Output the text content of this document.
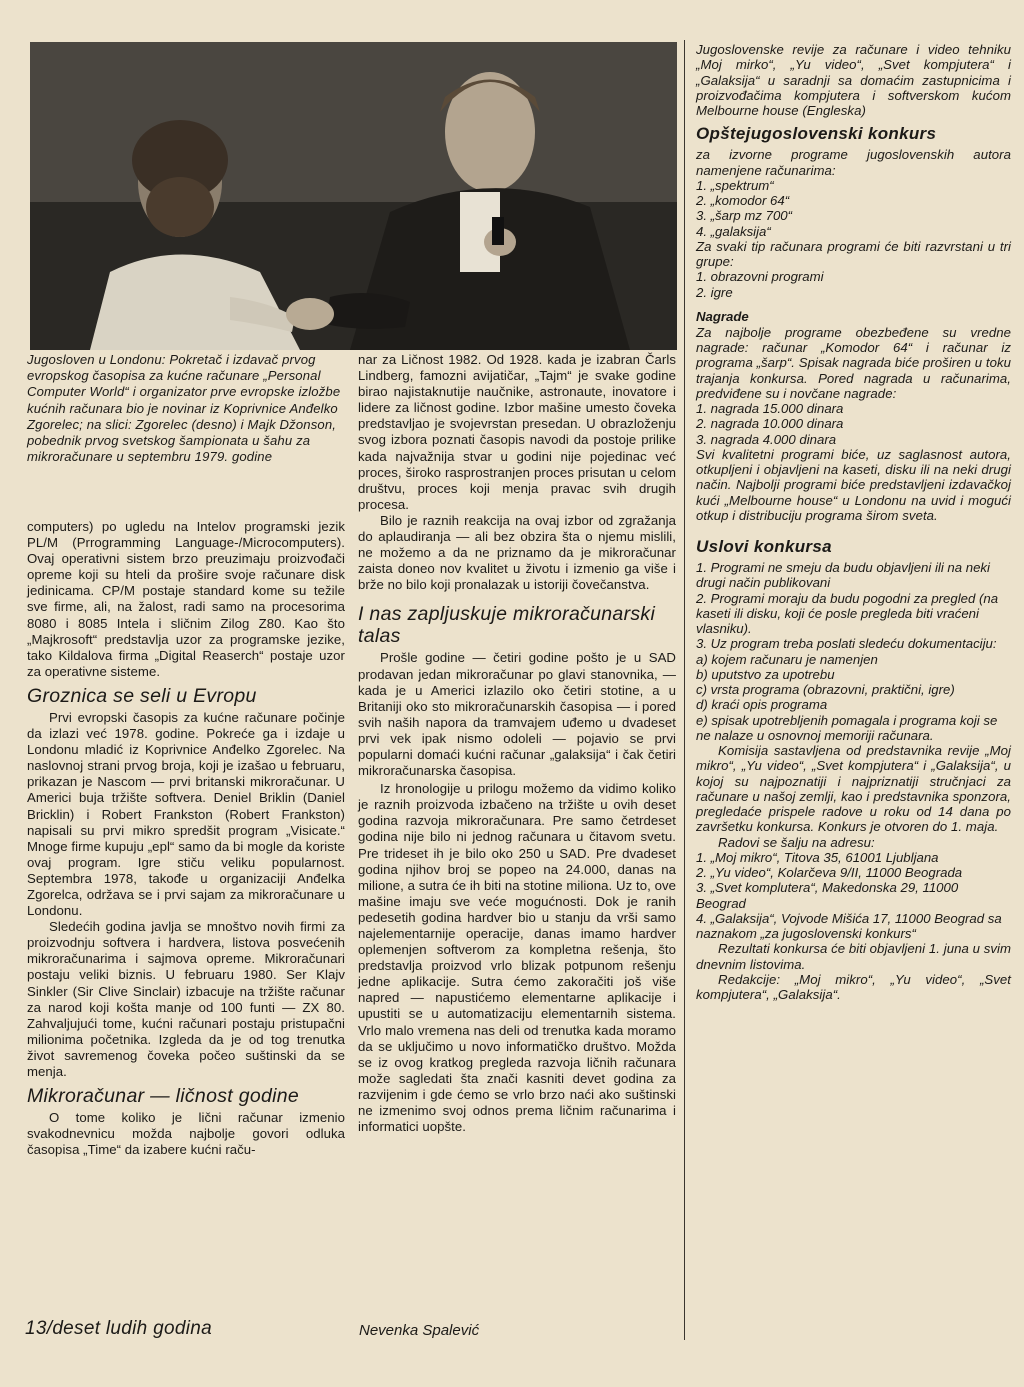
Jugosloven u Londonu: Pokretač i izdavač prvog evropskog časopisa za kućne računare „Personal Computer World“ i organizator prve evropske izložbe kućnih računara bio je novinar iz Koprivnice Anđelko Zgorelec; na slici: Zgorelec (desno) i Majk Džonson, pobednik prvog svetskog šampionata u šahu za mikroračunare u septembru 1979. godine

computers) po ugledu na Intelov programski jezik PL/M (Prrogramming Language-/Microcomputers). Ovaj operativni sistem brzo preuzimaju proizvođači opreme koji su hteli da prošire svoje računare disk jedinicama. CP/M postaje standard kome su težile sve firme, ali, na žalost, radi samo na procesorima 8080 i 8085 Intela i sličnim Zilog Z80. Kao što „Majkrosoft“ predstavlja uzor za programske jezike, tako Kildalova firma „Digital Reaserch“ postaje uzor za operativne sisteme.

Groznica se seli u Evropu

Prvi evropski časopis za kućne računare počinje da izlazi već 1978. godine. Pokreće ga i izdaje u Londonu mladić iz Koprivnice Anđelko Zgorelec. Na naslovnoj strani prvog broja, koji je izašao u februaru, prikazan je Nascom — prvi britanski mikroračunar. U Americi buja tržište softvera. Deniel Briklin (Daniel Bricklin) i Robert Frankston (Robert Frankston) napisali su prvi mikro spredšit program „Visicate.“ Mnoge firme kupuju „epl“ samo da bi mogle da koriste ovaj program. Igre stiču veliku popularnost. Septembra 1978, takođe u organizaciji Anđelka Zgorelca, održava se i prvi sajam za mikroračunare u Londonu.

Sledećih godina javlja se mnoštvo novih firmi za proizvodnju softvera i hardvera, listova posvećenih mikroračunarima i sajmova opreme. Mikroračunari postaju veliki biznis. U februaru 1980. Ser Klajv Sinkler (Sir Clive Sinclair) izbacuje na tržište računar za narod koji košta manje od 100 funti — ZX 80. Zahvaljujući tome, kućni računari postaju pristupačni milionima početnika. Izgleda da je od tog trenutka život savremenog čoveka počeo suštinski da se menja.

Mikroračunar — ličnost godine

O tome koliko je lični računar izmenio svakodnevnicu možda najbolje govori odluka časopisa „Time“ da izabere kućni raču-

nar za Ličnost 1982. Od 1928. kada je izabran Čarls Lindberg, famozni avijatičar, „Tajm“ je svake godine birao najistaknutije naučnike, astronaute, inovatore i lidere za ličnost godine. Izbor mašine umesto čoveka predstavljao je svojevrstan presedan. U obrazloženju svog izbora poznati časopis navodi da postoje prilike kada najvažnija stvar u godini nije pojedinac već proces, široko rasprostranjen proces prisutan u celom društvu, proces koji menja pravac svih drugih procesa.

Bilo je raznih reakcija na ovaj izbor od zgražanja do aplaudiranja — ali bez obzira šta o njemu mislili, ne možemo a da ne priznamo da je mikroračunar zaista doneo nov kvalitet u životu i izmenio ga više i brže no bilo koji pronalazak u istoriji čovečanstva.

I nas zapljuskuje mikroračunarski talas

Prošle godine — četiri godine pošto je u SAD prodavan jedan mikroračunar po glavi stanovnika, — kada je u Americi izlazilo oko četiri stotine, a u Britaniji oko sto mikroračunarskih časopisa — i pored svih naših napora da tramvajem uđemo u dvadeset prvi vek ipak nismo odoleli — pojavio se prvi popularni domaći kućni računar „galaksija“ i čak četiri mikroračunarska časopisa.

Iz hronologije u prilogu možemo da vidimo koliko je raznih proizvoda izbačeno na tržište u ovih deset godina razvoja mikroračunara. Pre samo četrdeset godina nije bilo ni jednog računara u čitavom svetu. Pre trideset ih je bilo oko 250 u SAD. Pre dvadeset godina njihov broj se popeo na 24.000, danas na milione, a sutra će ih biti na stotine miliona. Uz to, ove mašine imaju sve veće mogućnosti. Dok je ranih pedesetih godina hardver bio u stanju da vrši samo najelementarnije operacije, danas imamo hardver oplemenjen softverom za kompletna rešenja, što predstavlja proizvod vrlo blizak potpunom rešenju jedne aplikacije. Sutra ćemo zakoračiti još više napred — napustićemo elementarne aplikacije i upustiti se u automatizaciju elementarnih sistema. Vrlo malo vremena nas deli od trenutka kada moramo da se uključimo u novo informatičko društvo. Možda se iz ovog kratkog pregleda razvoja ličnih računara može sagledati šta znači kasniti devet godina za razvijenim i gde ćemo se vrlo brzo naći ako suštinski ne izmenimo svoj odnos prema ličnim računarima i informatici uopšte.

Jugoslovenske revije za računare i video tehniku „Moj mirko“, „Yu video“, „Svet kompjutera“ i „Galaksija“ u saradnji sa domaćim zastupnicima i proizvođačima kompjutera i softverskom kućom Melbourne house (Engleska)

Opštejugoslovenski konkurs

za izvorne programe jugoslovenskih autora namenjene računarima:

1. „spektrum“
2. „komodor 64“
3. „šarp mz 700“
4. „galaksija“

Za svaki tip računara programi će biti razvrstani u tri grupe:

1. obrazovni programi
2. igre
Nagrade

Za najbolje programe obezbeđene su vredne nagrade: računar „Komodor 64“ i računar iz programa „šarp“. Spisak nagrada biće proširen u toku trajanja konkursa. Pored nagrada u računarima, predviđene su i novčane nagrade:

1. nagrada 15.000 dinara
2. nagrada 10.000 dinara
3. nagrada 4.000 dinara

Svi kvalitetni programi biće, uz saglasnost autora, otkupljeni i objavljeni na kaseti, disku ili na neki drugi način. Najbolji programi biće predstavljeni izdavačkoj kući „Melbourne house“ u Londonu na uvid i mogući otkup i distribuciju programa širom sveta.

Uslovi konkursa
1. Programi ne smeju da budu objavljeni ili na neki drugi način publikovani
2. Programi moraju da budu pogodni za pregled (na kaseti ili disku, koji će posle pregleda biti vraćeni vlasniku).
3. Uz program treba poslati sledeću dokumentaciju:
a) kojem računaru je namenjen
b) uputstvo za upotrebu
c) vrsta programa (obrazovni, praktični, igre)
d) kraći opis programa
e) spisak upotrebljenih pomagala i programa koji se ne nalaze u osnovnoj memoriji računara.

Komisija sastavljena od predstavnika revije „Moj mikro“, „Yu video“, „Svet kompjutera“ i „Galaksija“, u kojoj su najpoznatiji i najpriznatiji stručnjaci za računare u našoj zemlji, kao i predstavnika sponzora, pregledaće prispele radove u roku od 14 dana po završetku konkursa. Konkurs je otvoren do 1. maja.

Radovi se šalju na adresu:

1. „Moj mikro“, Titova 35, 61001 Ljubljana
2. „Yu video“, Kolarčeva 9/II, 11000 Beograda
3. „Svet komplutera“, Makedonska 29, 11000 Beograd
4. „Galaksija“, Vojvode Mišića 17, 11000 Beograd sa naznakom „za jugoslovenski konkurs“

Rezultati konkursa će biti objavljeni 1. juna u svim dnevnim listovima.

Redakcije: „Moj mikro“, „Yu video“, „Svet kompjutera“, „Galaksija“.

13/deset ludih godina	Nevenka Spalević
